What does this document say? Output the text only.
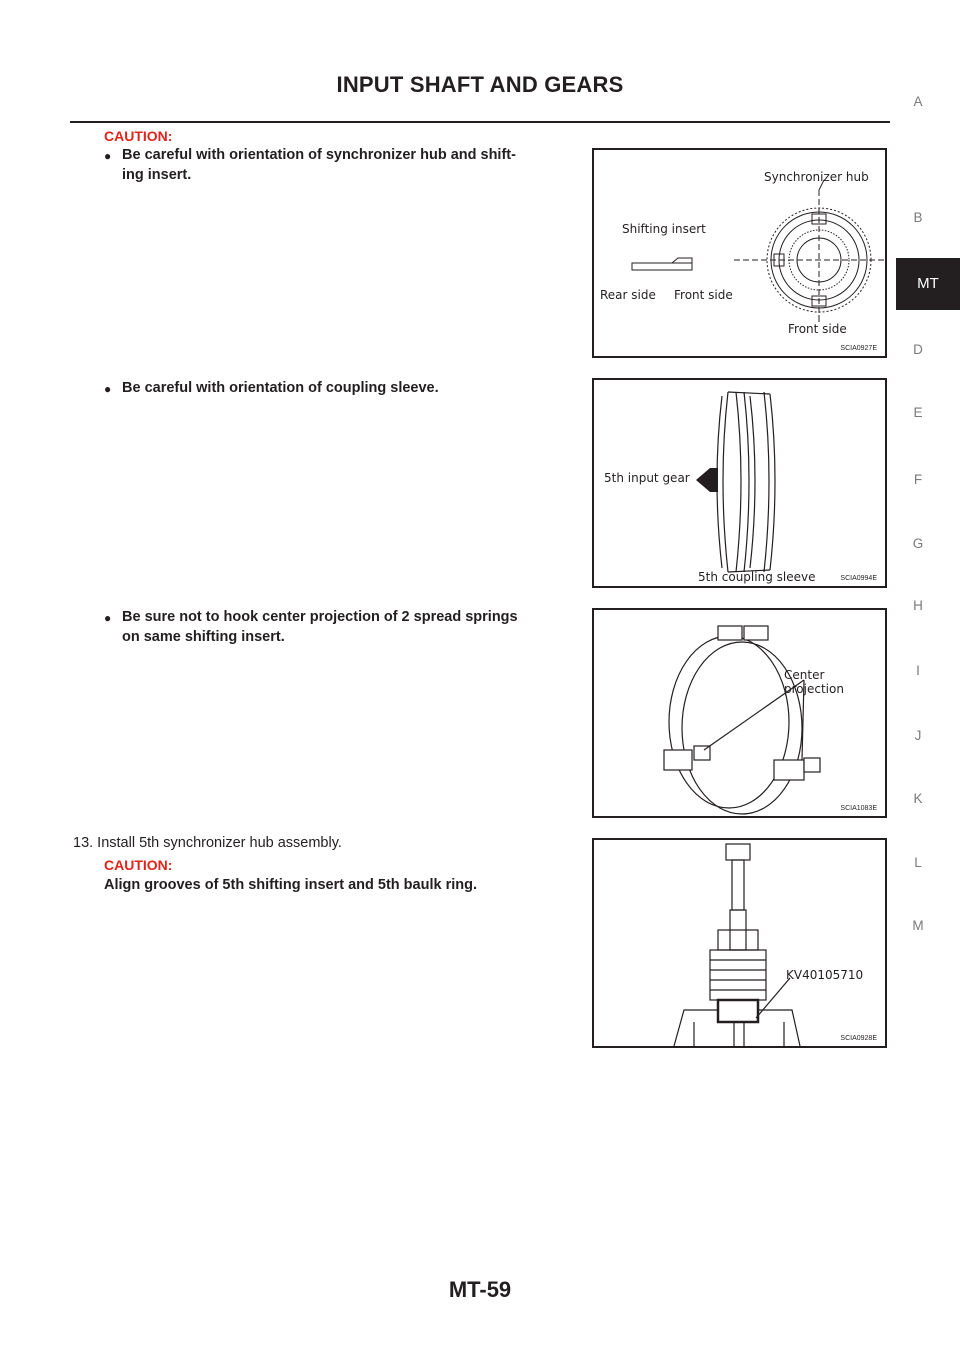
INPUT SHAFT AND GEARS
A
B
MT
D
E
F
G
H
I
J
K
L
M
CAUTION:
● Be careful with orientation of synchronizer hub and shift-
ing insert.
● Be careful with orientation of coupling sleeve.
● Be sure not to hook center projection of 2 spread springs
on same shifting insert.
13. Install 5th synchronizer hub assembly.
CAUTION:
Align grooves of 5th shifting insert and 5th baulk ring.
Synchronizer hub
Shifting insert
Rear side Front side
Front side
SCIA0927E
5th input gear
5th coupling sleeve	SCIA0994E
Center projection
SCIA1083E
KV40105710
SCIA0928E
MT-59
